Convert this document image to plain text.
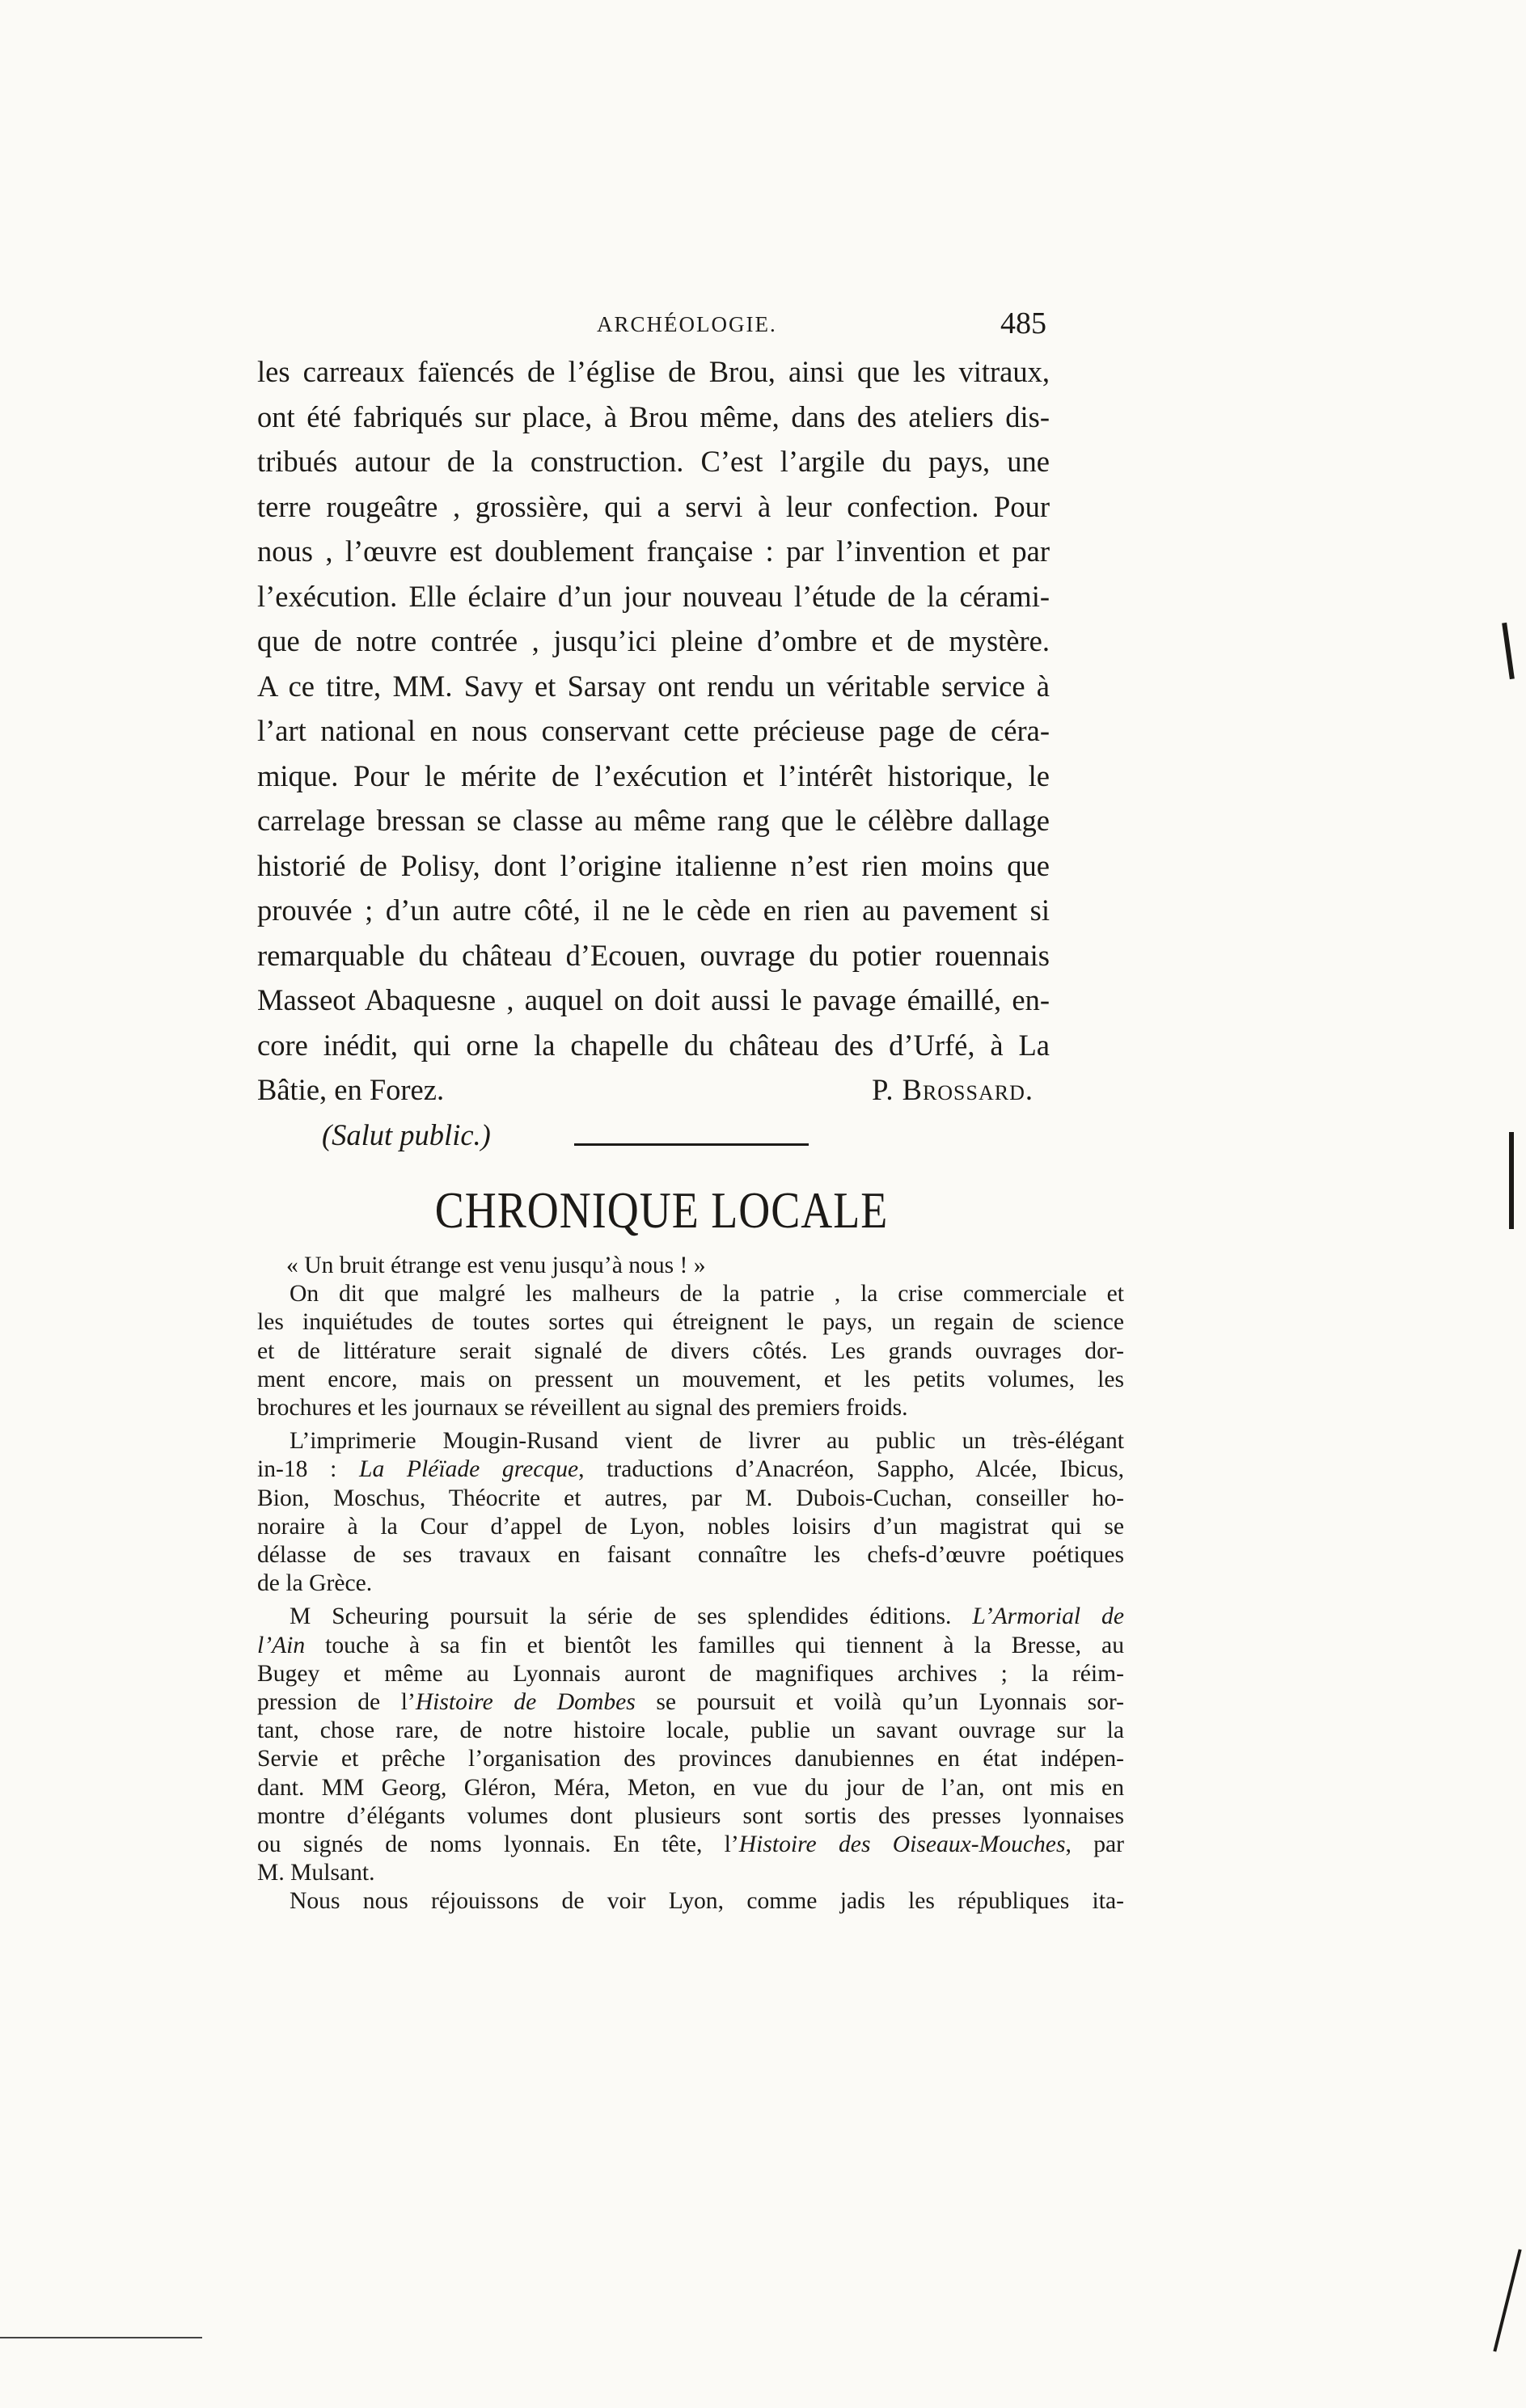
ARCHÉOLOGIE.	485
les carreaux faïencés de l’église de Brou, ainsi que les vitraux,
ont été fabriqués sur place, à Brou même, dans des ateliers dis-
tribués autour de la construction. C’est l’argile du pays, une
terre rougeâtre , grossière, qui a servi à leur confection. Pour
nous , l’œuvre est doublement française : par l’invention et par
l’exécution. Elle éclaire d’un jour nouveau l’étude de la cérami-
que de notre contrée , jusqu’ici pleine d’ombre et de mystère.
A ce titre, MM. Savy et Sarsay ont rendu un véritable service à
l’art national en nous conservant cette précieuse page de céra-
mique. Pour le mérite de l’exécution et l’intérêt historique, le
carrelage bressan se classe au même rang que le célèbre dallage
historié de Polisy, dont l’origine italienne n’est rien moins que
prouvée ; d’un autre côté, il ne le cède en rien au pavement si
remarquable du château d’Ecouen, ouvrage du potier rouennais
Masseot Abaquesne , auquel on doit aussi le pavage émaillé, en-
core inédit, qui orne la chapelle du château des d’Urfé, à La
Bâtie, en Forez.	P. Brossard.
(Salut public.)
CHRONIQUE LOCALE
« Un bruit étrange est venu jusqu’à nous ! »
On dit que malgré les malheurs de la patrie , la crise commerciale et
les inquiétudes de toutes sortes qui étreignent le pays, un regain de science
et de littérature serait signalé de divers côtés. Les grands ouvrages dor-
ment encore, mais on pressent un mouvement, et les petits volumes, les
brochures et les journaux se réveillent au signal des premiers froids.
L’imprimerie Mougin-Rusand vient de livrer au public un très-élégant
in-18 : La Pléïade grecque, traductions d’Anacréon, Sappho, Alcée, Ibicus,
Bion, Moschus, Théocrite et autres, par M. Dubois-Cuchan, conseiller ho-
noraire à la Cour d’appel de Lyon, nobles loisirs d’un magistrat qui se
délasse de ses travaux en faisant connaître les chefs-d’œuvre poétiques
de la Grèce.
M Scheuring poursuit la série de ses splendides éditions. L’Armorial de
l’Ain touche à sa fin et bientôt les familles qui tiennent à la Bresse, au
Bugey et même au Lyonnais auront de magnifiques archives ; la réim-
pression de l’Histoire de Dombes se poursuit et voilà qu’un Lyonnais sor-
tant, chose rare, de notre histoire locale, publie un savant ouvrage sur la
Servie et prêche l’organisation des provinces danubiennes en état indépen-
dant. MM Georg, Gléron, Méra, Meton, en vue du jour de l’an, ont mis en
montre d’élégants volumes dont plusieurs sont sortis des presses lyonnaises
ou signés de noms lyonnais. En tête, l’Histoire des Oiseaux-Mouches, par
M. Mulsant.
Nous nous réjouissons de voir Lyon, comme jadis les républiques ita-
